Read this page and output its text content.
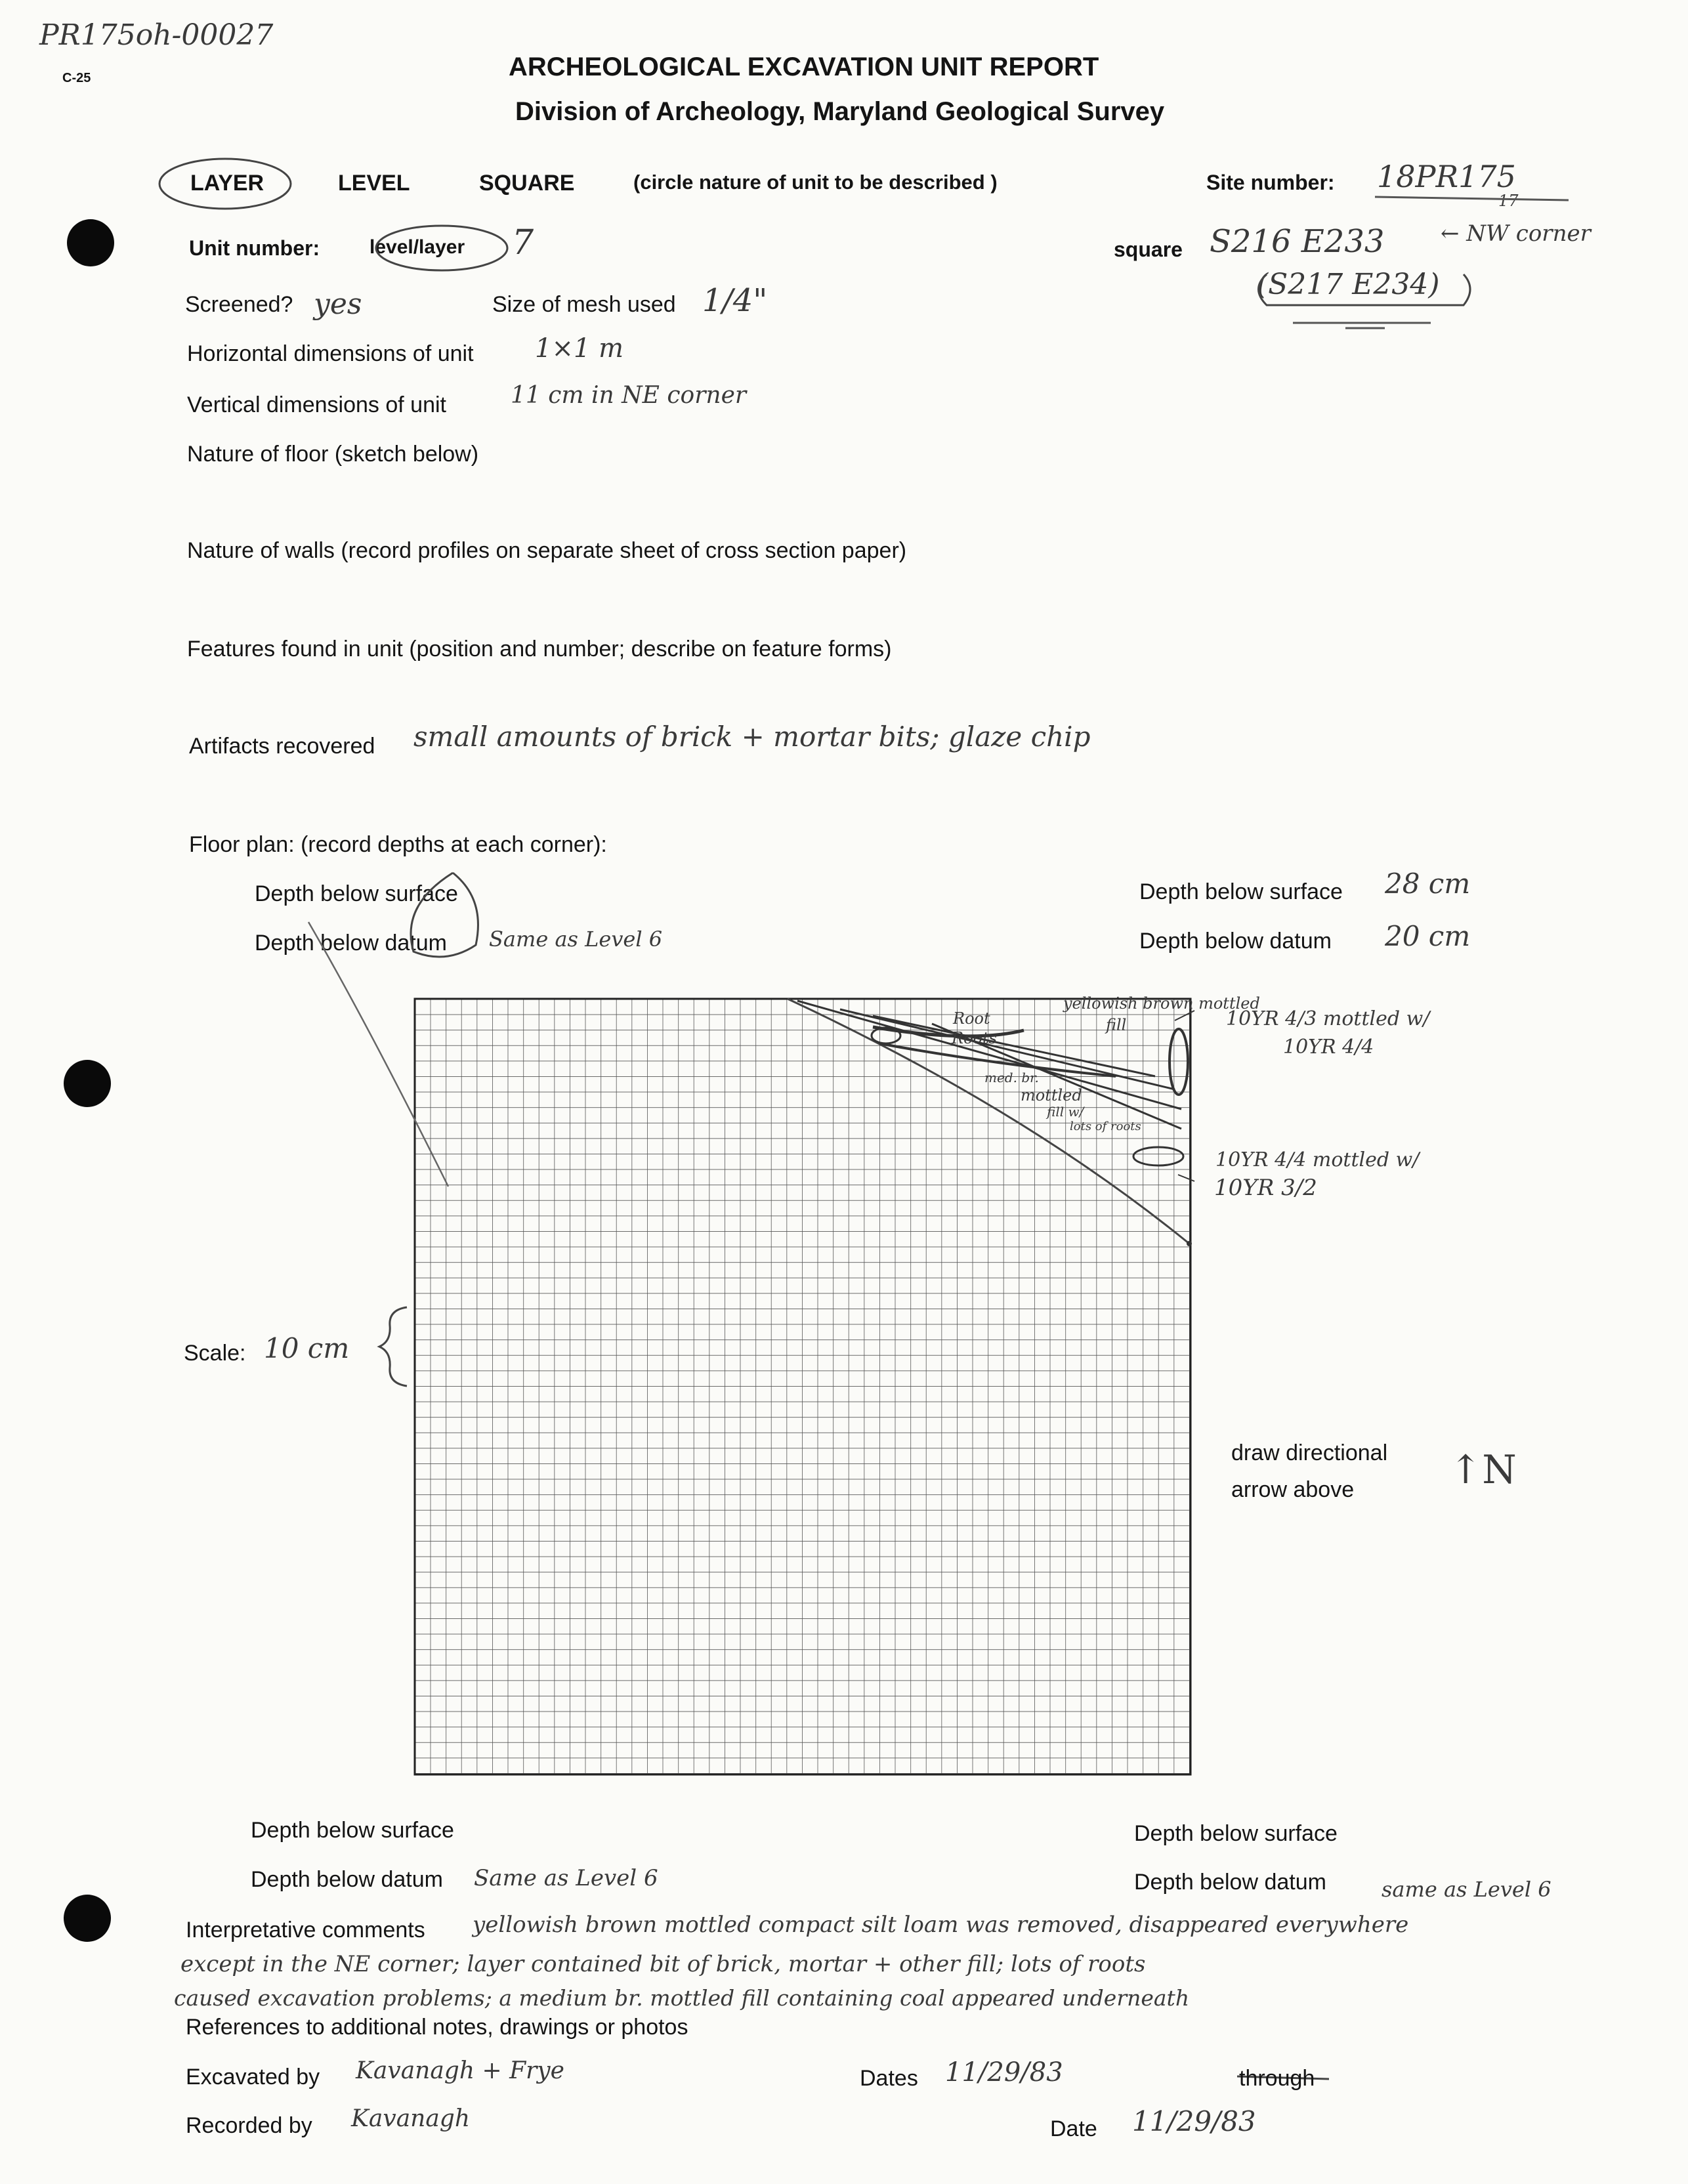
PR175oh-00027
C-25	ARCHEOLOGICAL EXCAVATION UNIT REPORT
Division of Archeology, Maryland Geological Survey
LAYER	LEVEL	SQUARE	(circle nature of unit to be described )	Site number: 18PR175
17
Unit number:	level/layer 7	square S216 E233	← NW corner
(S217 E234)
Screened? yes	Size of mesh used 1/4"
Horizontal dimensions of unit 1×1 m
Vertical dimensions of unit	11 cm in NE corner
Nature of floor (sketch below)
Nature of walls (record profiles on separate sheet of cross section paper)
Features found in unit (position and number; describe on feature forms)
Artifacts recovered small amounts of brick + mortar bits; glaze chip
Floor plan: (record depths at each corner):
Depth below surface
Depth below datum Same as Level 6
Depth below surface 28 cm
Depth below datum 20 cm
yellowish brown mottled
fill
Root
Roots
med. br.
mottled
fill w/
lots of roots
10YR 4/3 mottled w/
10YR 4/4
10YR 4/4 mottled w/
10YR 3/2
Scale: 10 cm
draw directional
arrow above ↑N
Depth below surface
Depth below datum Same as Level 6
Depth below surface
Depth below datum	same as Level 6
Interpretative comments yellowish brown mottled compact silt loam was removed, disappeared everywhere
except in the NE corner; layer contained bit of brick, mortar + other fill; lots of roots
caused excavation problems; a medium br. mottled fill containing coal appeared underneath
References to additional notes, drawings or photos
Excavated by Kavanagh + Frye	Dates 11/29/83	through
Recorded by Kavanagh	Date 11/29/83
